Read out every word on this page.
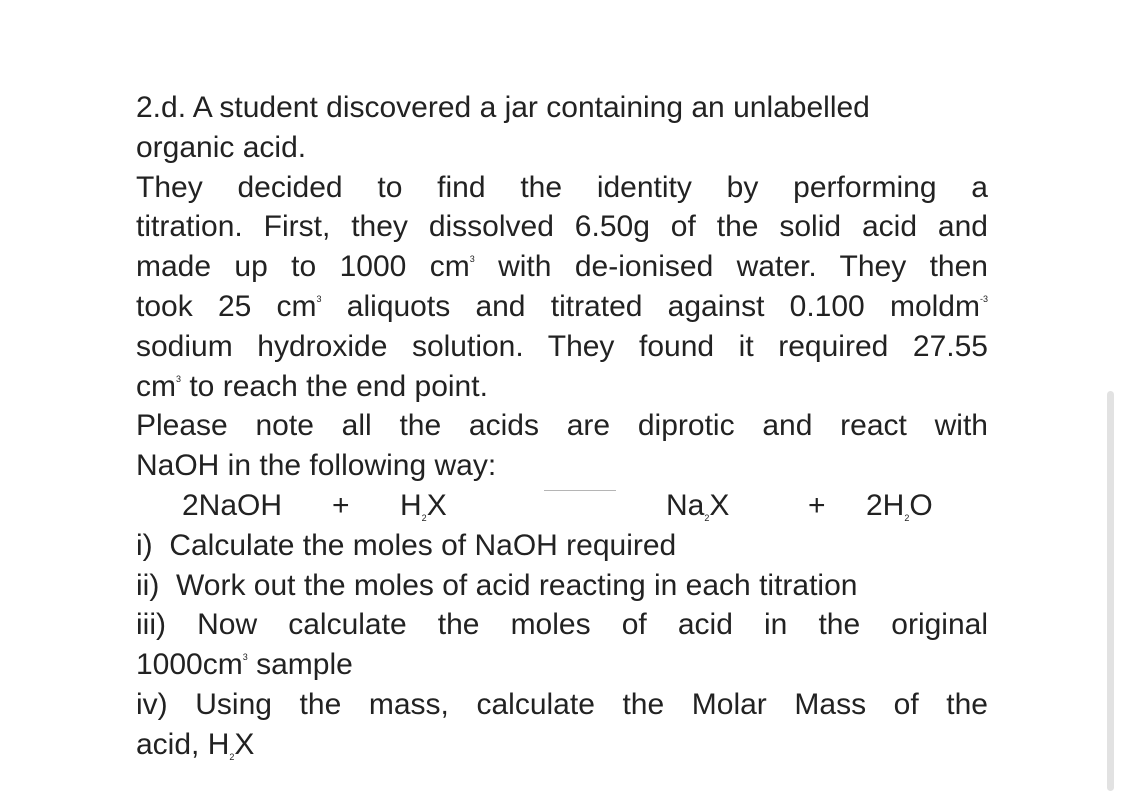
2.d. A student discovered a jar containing an unlabelled
organic acid.
They decided to find the identity by performing a
titration. First, they dissolved 6.50g of the solid acid and
made up to 1000 $cm^3$ with de-ionised water. They then
took 25 $cm^3$ aliquots and titrated against 0.100 moldm$^{-3}$
sodium hydroxide solution. They found it required 27.55
$cm^3$ to reach the end point.
Please note all the acids are diprotic and react with
NaOH in the following way:
2NaOH + $H_2X$	$Na_2X$	+ $2H_2O$
i)  Calculate the moles of NaOH required
ii)  Work out the moles of acid reacting in each titration
iii) Now calculate the moles of acid in the original
$1000cm^3$ sample
iv) Using the mass, calculate the Molar Mass of the
acid, $H_2X$
